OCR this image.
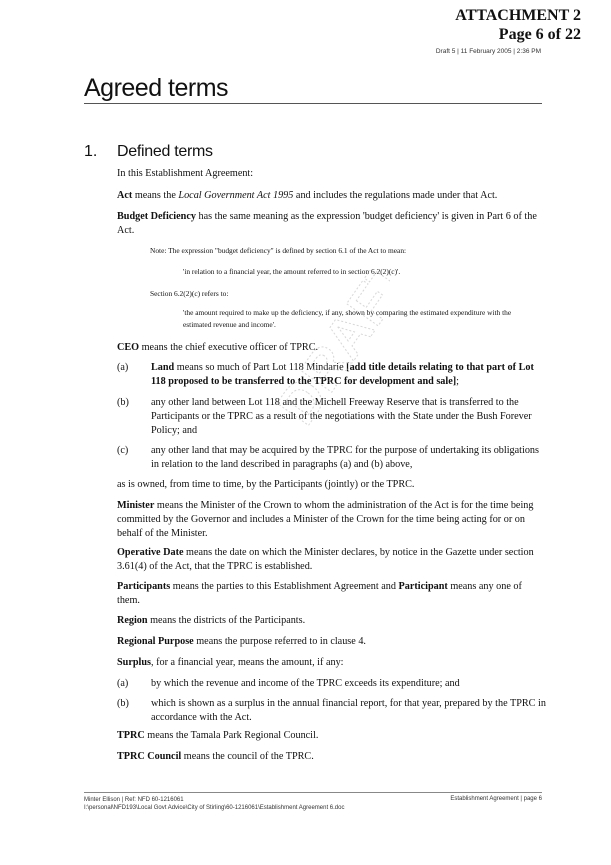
ATTACHMENT 2
Page 6 of 22
Draft 5 | 11 February 2005 | 2:36 PM
Agreed terms
1. Defined terms
In this Establishment Agreement:
Act means the Local Government Act 1995 and includes the regulations made under that Act.
Budget Deficiency has the same meaning as the expression 'budget deficiency' is given in Part 6 of the Act.
Note: The expression "budget deficiency" is defined by section 6.1 of the Act to mean:
'in relation to a financial year, the amount referred to in section 6.2(2)(c)'.
Section 6.2(2)(c) refers to:
'the amount required to make up the deficiency, if any, shown by comparing the estimated expenditure with the estimated revenue and income'.
CEO means the chief executive officer of TPRC.
(a) Land means so much of Part Lot 118 Mindarie [add title details relating to that part of Lot 118 proposed to be transferred to the TPRC for development and sale];
(b) any other land between Lot 118 and the Michell Freeway Reserve that is transferred to the Participants or the TPRC as a result of the negotiations with the State under the Bush Forever Policy; and
(c) any other land that may be acquired by the TPRC for the purpose of undertaking its obligations in relation to the land described in paragraphs (a) and (b) above,
as is owned, from time to time, by the Participants (jointly) or the TPRC.
Minister means the Minister of the Crown to whom the administration of the Act is for the time being committed by the Governor and includes a Minister of the Crown for the time being acting for or on behalf of the Minister.
Operative Date means the date on which the Minister declares, by notice in the Gazette under section 3.61(4) of the Act, that the TPRC is established.
Participants means the parties to this Establishment Agreement and Participant means any one of them.
Region means the districts of the Participants.
Regional Purpose means the purpose referred to in clause 4.
Surplus, for a financial year, means the amount, if any:
(a) by which the revenue and income of the TPRC exceeds its expenditure; and
(b) which is shown as a surplus in the annual financial report, for that year, prepared by the TPRC in accordance with the Act.
TPRC means the Tamala Park Regional Council.
TPRC Council means the council of the TPRC.
DRAFT
Minter Ellison | Ref: NFD 60-1216061
I:\personal\NFD193\Local Govt Advice\City of Stirling\60-1216061\Establishment Agreement 6.doc
Establishment Agreement | page 6
